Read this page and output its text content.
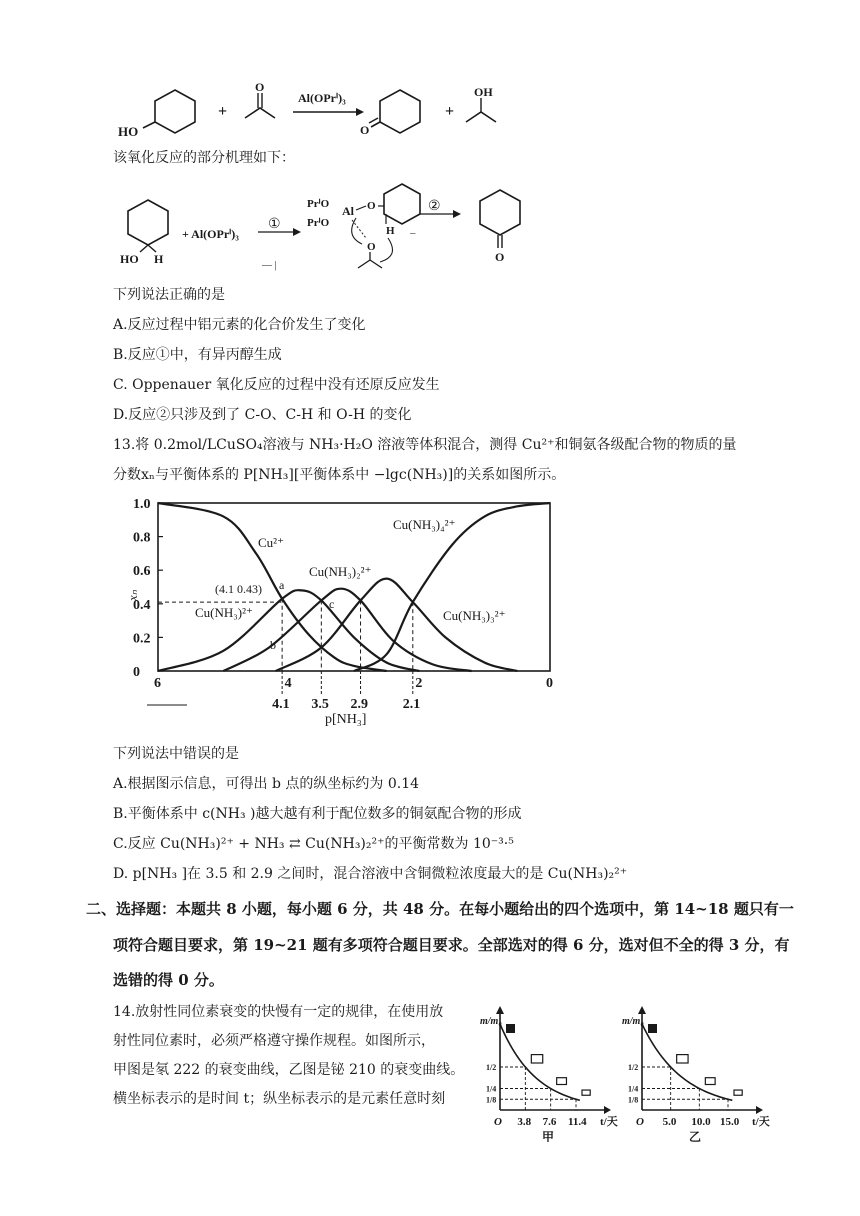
HO
+
O
Al(OPrⁱ)₃
O
+
OH
该氧化反应的部分机理如下：
HO H
+ Al(OPrⁱ)₃
①
PrⁱO
PrⁱO
Al O
H
O
–
②
O
— |
下列说法正确的是
A.反应过程中铝元素的化合价发生了变化
B.反应①中，有异丙醇生成
C. Oppenauer 氧化反应的过程中没有还原反应发生
D.反应②只涉及到了 C-O、C-H 和 O-H 的变化
13.将 0.2mol/LCuSO₄溶液与 NH₃·H₂O 溶液等体积混合，测得 Cu²⁺和铜氨各级配合物的物质的量
分数xₙ与平衡体系的 P[NH₃][平衡体系中 −lgc(NH₃)]的关系如图所示。
1.0
0.8
0.6
0.4
0.2
0
6	4	2	0
4.1 3.5 2.9 2.1
xₙ
p[NH₃]
Cu²⁺
Cu(NH₃)²⁺
Cu(NH₃)₂²⁺
Cu(NH₃)₃²⁺
Cu(NH₃)₄²⁺
(4.1 0.43) a
b
c
下列说法中错误的是
A.根据图示信息，可得出 b 点的纵坐标约为 0.14
B.平衡体系中 c(NH₃ )越大越有利于配位数多的铜氨配合物的形成
C.反应 Cu(NH₃)²⁺ + NH₃ ⇄ Cu(NH₃)₂²⁺的平衡常数为 10⁻³·⁵
D. p[NH₃ ]在 3.5 和 2.9 之间时，混合溶液中含铜微粒浓度最大的是 Cu(NH₃)₂²⁺
二、选择题：本题共 8 小题，每小题 6 分，共 48 分。在每小题给出的四个选项中，第 14~18 题只有一
项符合题目要求，第 19~21 题有多项符合题目要求。全部选对的得 6 分，选对但不全的得 3 分，有
选错的得 0 分。
14.放射性同位素衰变的快慢有一定的规律，在使用放
射性同位素时，必须严格遵守操作规程。如图所示，
甲图是氡 222 的衰变曲线，乙图是铋 210 的衰变曲线。
横坐标表示的是时间 t；纵坐标表示的是元素任意时刻
m/m₀
1/2
1/4
1/8
O 3.8 7.6 11.4 t/天
甲
m/m₀
1/2
1/4
1/8
O 5.0 10.0 15.0 t/天
乙
